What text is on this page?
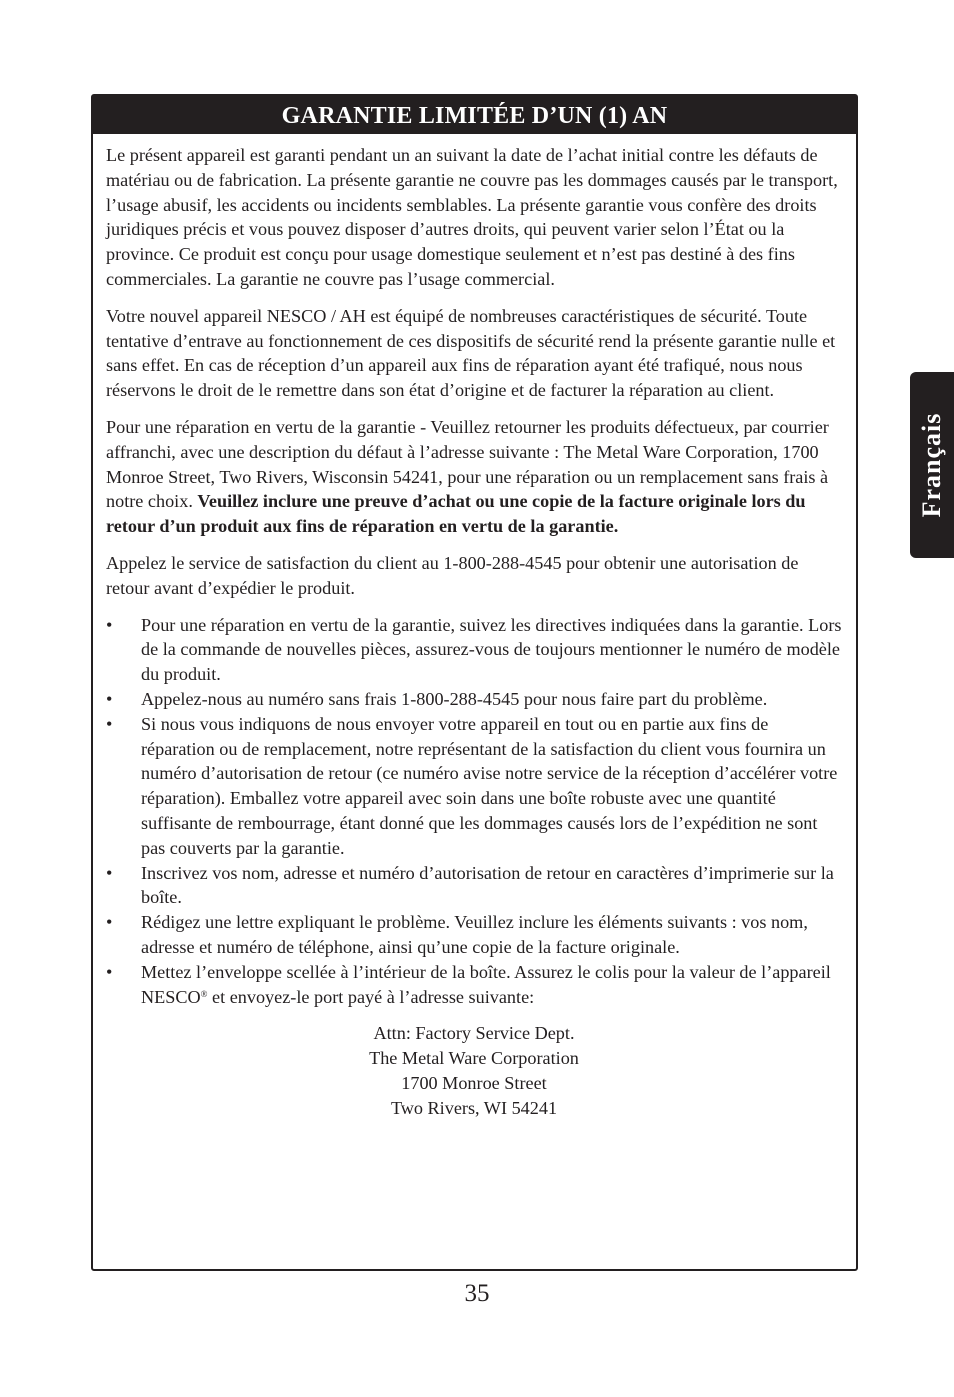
GARANTIE LIMITÉE D’UN (1) AN

Le présent appareil est garanti pendant un an suivant la date de l’achat initial contre les défauts de matériau ou de fabrication. La présente garantie ne couvre pas les dommages causés par le transport, l’usage abusif, les accidents ou incidents semblables. La présente garantie vous confère des droits juridiques précis et vous pouvez disposer d’autres droits, qui peuvent varier selon l’État ou la province. Ce produit est conçu pour usage domestique seulement et n’est pas destiné à des fins commerciales. La garantie ne couvre pas l’usage commercial.

Votre nouvel appareil NESCO / AH est équipé de nombreuses caractéristiques de sécurité. Toute tentative d’entrave au fonctionnement de ces dispositifs de sécurité rend la présente garantie nulle et sans effet. En cas de réception d’un appareil aux fins de réparation ayant été trafiqué, nous nous réservons le droit de le remettre dans son état d’origine et de facturer la réparation au client.

Pour une réparation en vertu de la garantie - Veuillez retourner les produits défectueux, par courrier affranchi, avec une description du défaut à l’adresse suivante : The Metal Ware Corporation, 1700 Monroe Street, Two Rivers, Wisconsin 54241, pour une réparation ou un remplacement sans frais à notre choix. Veuillez inclure une preuve d’achat ou une copie de la facture originale lors du retour d’un produit aux fins de réparation en vertu de la garantie.

Appelez le service de satisfaction du client au 1-800-288-4545 pour obtenir une autorisation de retour avant d’expédier le produit.

• Pour une réparation en vertu de la garantie, suivez les directives indiquées dans la garantie. Lors de la commande de nouvelles pièces, assurez-vous de toujours mentionner le numéro de modèle du produit.
• Appelez-nous au numéro sans frais 1-800-288-4545 pour nous faire part du problème.
• Si nous vous indiquons de nous envoyer votre appareil en tout ou en partie aux fins de réparation ou de remplacement, notre représentant de la satisfaction du client vous fournira un numéro d’autorisation de retour (ce numéro avise notre service de la réception d’accélérer votre réparation). Emballez votre appareil avec soin dans une boîte robuste avec une quantité suffisante de rembourrage, étant donné que les dommages causés lors de l’expédition ne sont pas couverts par la garantie.
• Inscrivez vos nom, adresse et numéro d’autorisation de retour en caractères d’imprimerie sur la boîte.
• Rédigez une lettre expliquant le problème. Veuillez inclure les éléments suivants : vos nom, adresse et numéro de téléphone, ainsi qu’une copie de la facture originale.
• Mettez l’enveloppe scellée à l’intérieur de la boîte. Assurez le colis pour la valeur de l’appareil NESCO® et envoyez-le port payé à l’adresse suivante:
Attn: Factory Service Dept.
The Metal Ware Corporation
1700 Monroe Street
Two Rivers, WI 54241
Français
35
